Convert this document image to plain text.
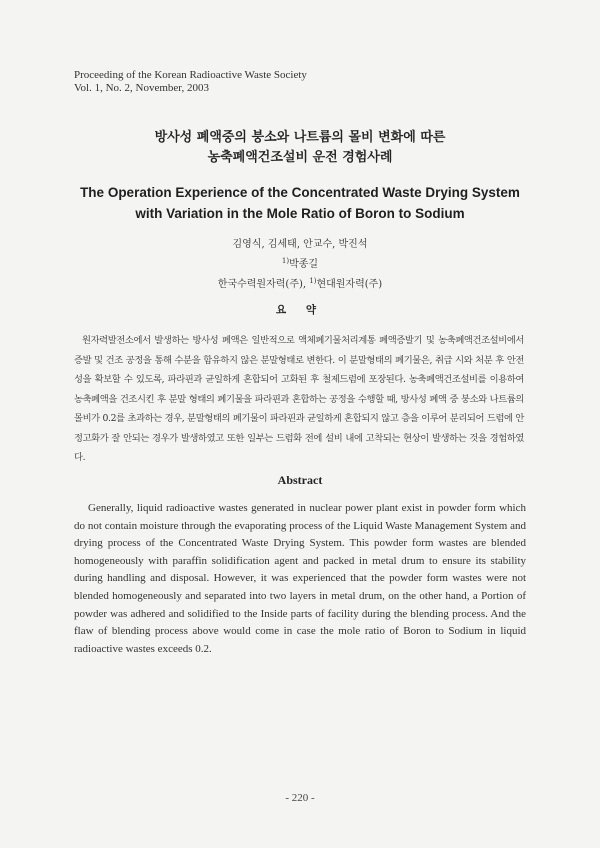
Proceeding of the Korean Radioactive Waste Society
Vol. 1, No. 2, November, 2003
방사성 폐액중의 붕소와 나트륨의 몰비 변화에 따른
농축폐액건조설비 운전 경험사례
The Operation Experience of the Concentrated Waste Drying System
with Variation in the Mole Ratio of Boron to Sodium
김영식, 김세태, 안교수, 박진석
$^{1)}$박종길
한국수력원자력(주), $^{1)}$현대원자력(주)
요 약
원자력발전소에서 발생하는 방사성 폐액은 일반적으로 액체폐기물처리계통 폐액증발기 및 농축폐액건조설비에서 증발 및 건조 공정을 통해 수분을 함유하지 않은 분말형태로 변한다. 이 분말형태의 폐기물은, 취급 시와 처분 후 안전성을 확보할 수 있도록, 파라핀과 균일하게 혼합되어 고화된 후 철제드럼에 포장된다. 농축폐액건조설비를 이용하여 농축폐액을 건조시킨 후 분말 형태의 폐기물을 파라핀과 혼합하는 공정을 수행할 때, 방사성 폐액 중 붕소와 나트륨의 몰비가 0.2를 초과하는 경우, 분말형태의 폐기물이 파라핀과 균일하게 혼합되지 않고 층을 이루어 분리되어 드럼에 안정고화가 잘 안되는 경우가 발생하였고 또한 일부는 드럼화 전에 설비 내에 고착되는 현상이 발생하는 것을 경험하였다.
Abstract
Generally, liquid radioactive wastes generated in nuclear power plant exist in powder form which do not contain moisture through the evaporating process of the Liquid Waste Management System and drying process of the Concentrated Waste Drying System. This powder form wastes are blended homogeneously with paraffin solidification agent and packed in metal drum to ensure its stability during handling and disposal. However, it was experienced that the powder form wastes were not blended homogeneously and separated into two layers in metal drum, on the other hand, a Portion of powder was adhered and solidified to the Inside parts of facility during the blending process. And the flaw of blending process above would come in case the mole ratio of Boron to Sodium in liquid radioactive wastes exceeds 0.2.
- 220 -
